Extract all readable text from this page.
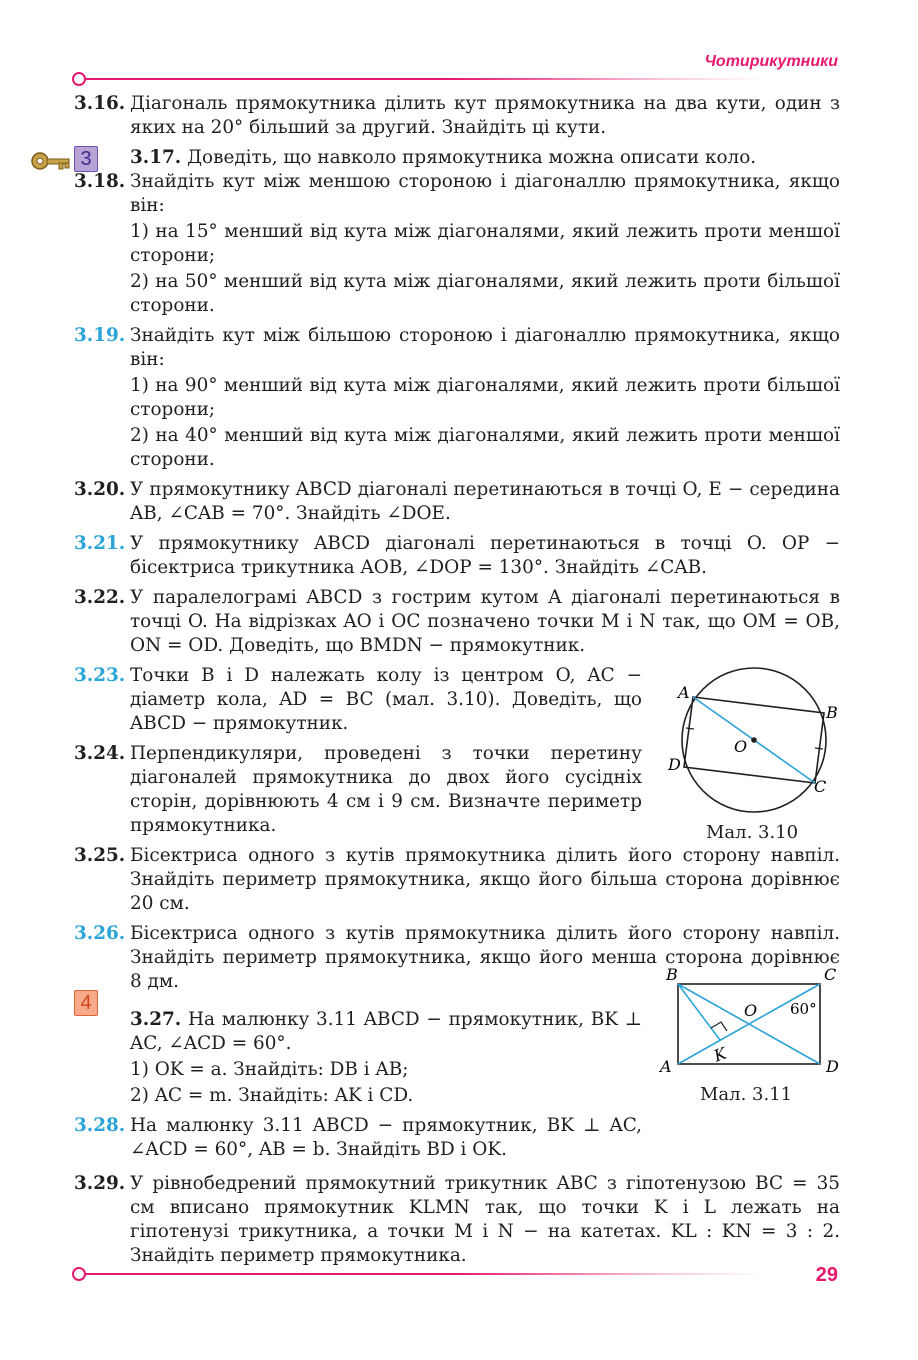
Чотирикутники
3
4
3.16. Діагональ прямокутника ділить кут прямокутника на два кути, один з яких на 20° більший за другий. Знайдіть ці кути.
3.17. Доведіть, що навколо прямокутника можна описати коло.
3.18. Знайдіть кут між меншою стороною і діагоналлю прямокутника, якщо він:
1) на 15° менший від кута між діагоналями, який лежить проти меншої сторони;
2) на 50° менший від кута між діагоналями, який лежить проти більшої сторони.
3.19. Знайдіть кут між більшою стороною і діагоналлю прямокутника, якщо він:
1) на 90° менший від кута між діагоналями, який лежить проти більшої сторони;
2) на 40° менший від кута між діагоналями, який лежить проти меншої сторони.
3.20. У прямокутнику ABCD діагоналі перетинаються в точці O, E − середина AB, ∠CAB = 70°. Знайдіть ∠DOE.
3.21. У прямокутнику ABCD діагоналі перетинаються в точці O. OP − бісектриса трикутника AOB, ∠DOP = 130°. Знайдіть ∠CAB.
3.22. У паралелограмі ABCD з гострим кутом A діагоналі перетинаються в точці O. На відрізках AO і OC позначено точки M і N так, що OM = OB, ON = OD. Доведіть, що BMDN − прямокутник.
3.23. Точки B і D належать колу із центром O, AC − діаметр кола, AD = BC (мал. 3.10). Доведіть, що ABCD − прямокутник.
3.24. Перпендикуляри, проведені з точки перетину діагоналей прямокутника до двох його сусідніх сторін, дорівнюють 4 см і 9 см. Визначте периметр прямокутника.
3.25. Бісектриса одного з кутів прямокутника ділить його сторону навпіл. Знайдіть периметр прямокутника, якщо його більша сторона дорівнює 20 см.
3.26. Бісектриса одного з кутів прямокутника ділить його сторону навпіл. Знайдіть периметр прямокутника, якщо його менша сторона дорівнює 8 дм.
3.27. На малюнку 3.11 ABCD − прямокутник, BK ⊥ AC, ∠ACD = 60°.
1) OK = a. Знайдіть: DB і AB;
2) AC = m. Знайдіть: AK і CD.
3.28. На малюнку 3.11 ABCD − прямокутник, BK ⊥ AC, ∠ACD = 60°, AB = b. Знайдіть BD і OK.
3.29. У рівнобедрений прямокутний трикутник ABC з гіпотенузою BC = 35 см вписано прямокутник KLMN так, що точки K і L лежать на гіпотенузі трикутника, а точки M і N − на катетах. KL : KN = 3 : 2. Знайдіть периметр прямокутника.
A
B
C
D
O
Мал. 3.10
B	C
A	D
O
K
60°
Мал. 3.11
29
